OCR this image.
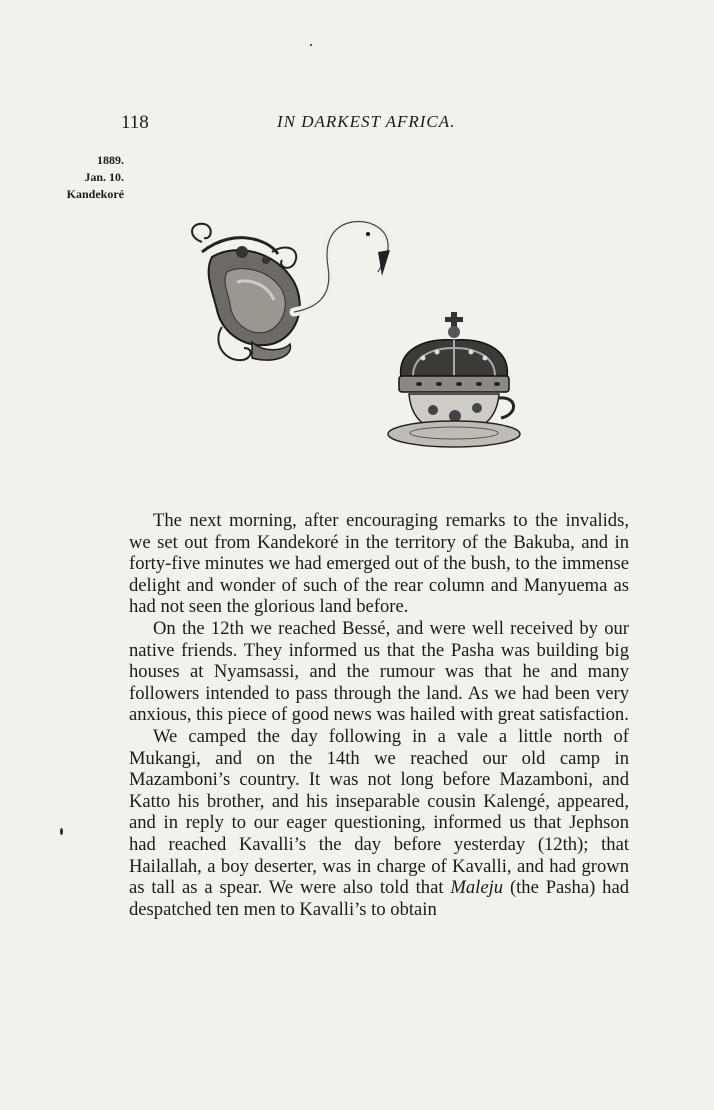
118	IN DARKEST AFRICA.
1889.
Jan. 10.
Kandekoré

The next morning, after encouraging remarks to the invalids, we set out from Kandekoré in the territory of the Bakuba, and in forty-five minutes we had emerged out of the bush, to the immense delight and wonder of such of the rear column and Manyuema as had not seen the glorious land before.

On the 12th we reached Bessé, and were well received by our native friends. They informed us that the Pasha was building big houses at Nyamsassi, and the rumour was that he and many followers intended to pass through the land. As we had been very anxious, this piece of good news was hailed with great satisfaction.

We camped the day following in a vale a little north of Mukangi, and on the 14th we reached our old camp in Mazamboni’s country. It was not long before Mazamboni, and Katto his brother, and his inseparable cousin Kalengé, appeared, and in reply to our eager questioning, informed us that Jephson had reached Kavalli’s the day before yesterday (12th); that Hailallah, a boy deserter, was in charge of Kavalli, and had grown as tall as a spear. We were also told that Maleju (the Pasha) had despatched ten men to Kavalli’s to obtain
